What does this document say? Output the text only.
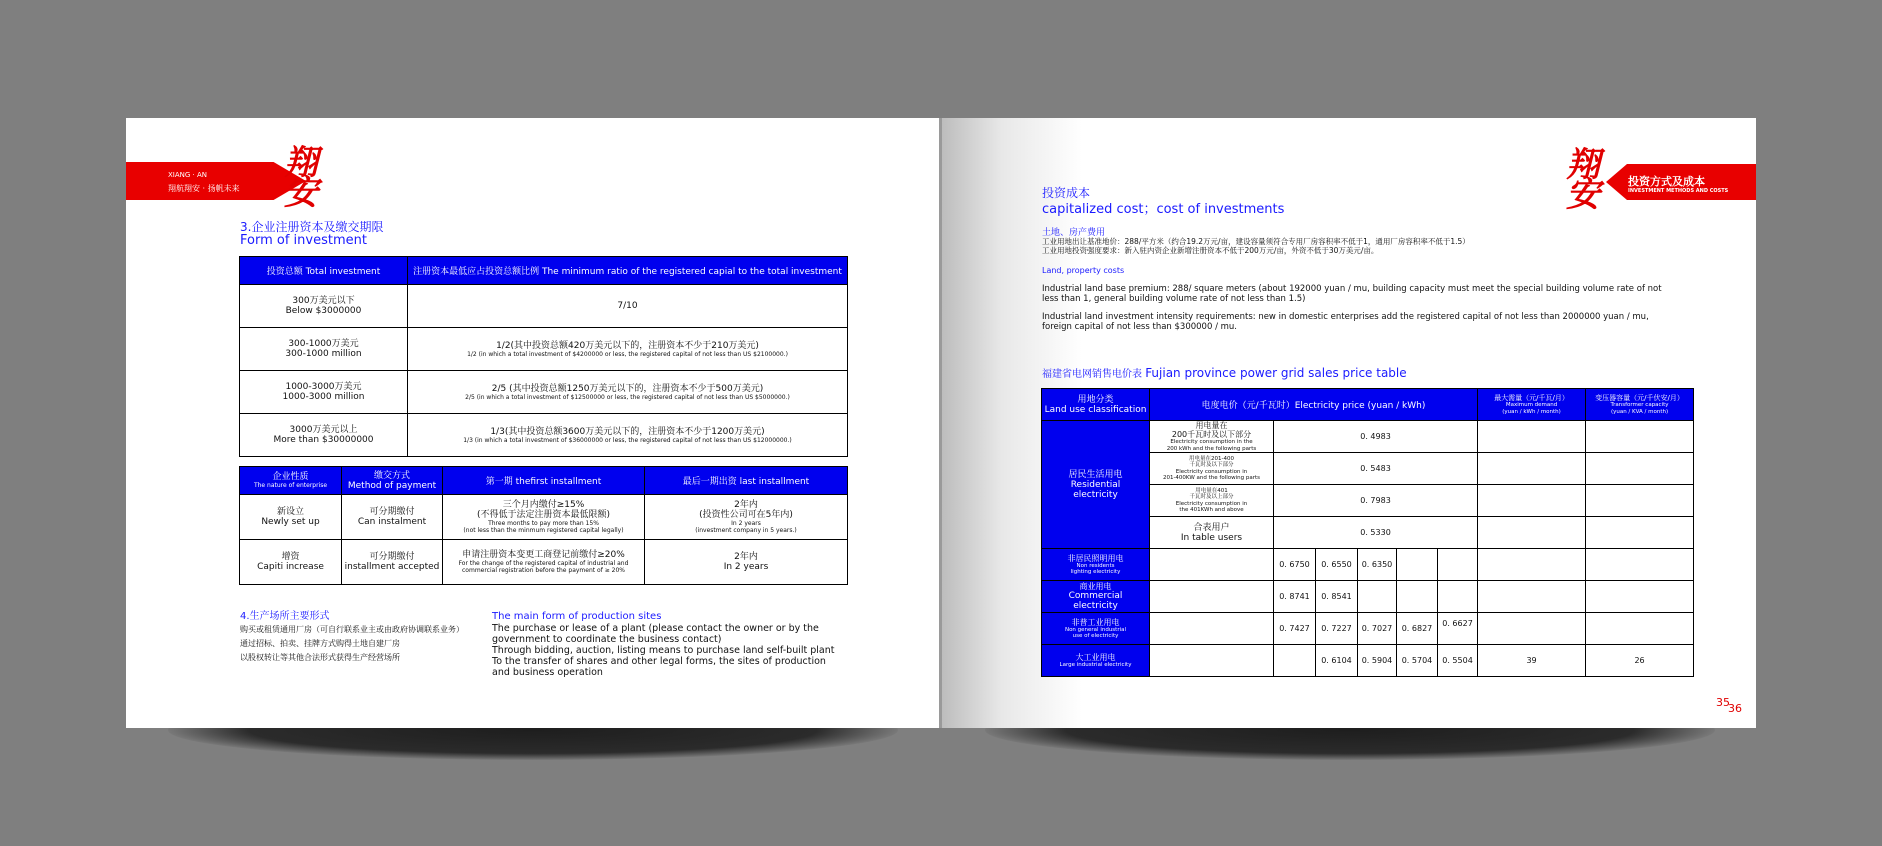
XIANG · AN
翔航翔安 · 扬帆未来
翔安
3.企业注册资本及缴交期限
Form of investment
投资总额 Total investment	注册资本最低应占投资总额比例 The minimum ratio of the registered capial to the total investment

300万美元以下
Below $3000000	7/10

300-1000万美元
300-1000 million	1/2(其中投资总额420万美元以下的，注册资本不少于210万美元)
1/2 (in which a total investment of $4200000 or less, the registered capital of not less than US $2100000.)

1000-3000万美元
1000-3000 million	2/5 (其中投资总额1250万美元以下的，注册资本不少于500万美元)
2/5 (in which a total investment of $12500000 or less, the registered capital of not less than US $5000000.)

3000万美元以上
More than $30000000	1/3(其中投资总额3600万美元以下的，注册资本不少于1200万美元)
1/3 (in which a total investment of $36000000 or less, the registered capital of not less than US $12000000.)
企业性质
The nature of enterprise	缴交方式
Method of payment	第一期 thefirst installment	最后一期出资 last installment

新设立
Newly set up	可分期缴付
Can instalment	三个月内缴付≥15%
(不得低于法定注册资本最低限额)
Three months to pay more than 15%
(not less than the minmum registered capital legally)	2年内
(投资性公司可在5年内)
In 2 years
(investment company in 5 years.)

增资
Capiti increase	可分期缴付
installment accepted	申请注册资本变更工商登记前缴付≥20%
For the change of the registered capital of industrial and
commercial registration before the payment of ≥ 20%	2年内
In 2 years
4.生产场所主要形式
购买或租赁通用厂房（可自行联系业主或由政府协调联系业务）
通过招标、拍卖、挂牌方式购得土地自建厂房
以股权转让等其他合法形式获得生产经营场所
The main form of production sites
The purchase or lease of a plant (please contact the owner or by the
government to coordinate the business contact)
Through bidding, auction, listing means to purchase land self-built plant
To the transfer of shares and other legal forms, the sites of production
and business operation
翔安	投资方式及成本
INVESTMENT METHODS AND COSTS
投资成本
capitalized cost；cost of investments
土地、房产费用
工业用地出让基准地价：288/平方米（约合19.2万元/亩，建设容量须符合专用厂房容积率不低于1，通用厂房容积率不低于1.5）
工业用地投资强度要求：新入驻内资企业新增注册资本不低于200万元/亩，外资不低于30万美元/亩。
Land, property costs
Industrial land base premium: 288/ square meters (about 192000 yuan / mu, building capacity must meet the special building volume rate of not
less than 1, general building volume rate of not less than 1.5)
Industrial land investment intensity requirements: new in domestic enterprises add the registered capital of not less than 2000000 yuan / mu,
foreign capital of not less than $300000 / mu.
福建省电网销售电价表 Fujian province power grid sales price table
用地分类
Land use classification	电度电价（元/千瓦时）Electricity price (yuan / kWh)						最大需量（元/千瓦/月）
Maximum demand
(yuan / kWh / month)	变压器容量（元/千伏安/月）
Transformer capacity
(yuan / KVA / month)

居民生活用电
Residential
electricity	用电量在
200千瓦时及以下部分
Electricity consumption in the
200 kWh and the following parts	0. 4983						

	用电量在201-400
千瓦时及以下部分
Electricity consumption in
201-400KW and the following parts	0. 5483						

	用电量在401
千瓦时及以上部分
Electricity consumption in
the 401KWh and above	0. 7983						

	合表用户
In table users	0. 5330						

非居民照明用电
Non residents
lighting electricity		0. 6750	0. 6550	0. 6350				

商业用电
Commercial
electricity		0. 8741	0. 8541					

非普工业用电
Non general industrial
use of electricity		0. 7427	0. 7227	0. 7027	0. 6827	0. 6627		

大工业用电
Large industrial electricity			0. 6104	0. 5904	0. 5704	0. 5504	39	26
35
36
